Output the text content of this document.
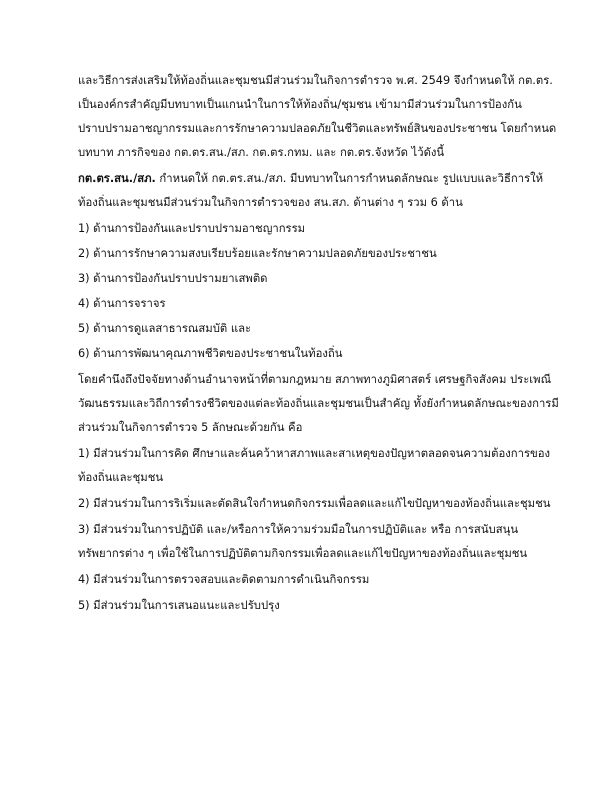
และวิธีการส่งเสริมให้ท้องถิ่นและชุมชนมีส่วนร่วมในกิจการตำรวจ พ.ศ. 2549 จึงกำหนดให้ กต.ตร.
เป็นองค์กรสำคัญมีบทบาทเป็นแกนนำในการให้ท้องถิ่น/ชุมชน เข้ามามีส่วนร่วมในการป้องกัน
ปราบปรามอาชญากรรมและการรักษาความปลอดภัยในชีวิตและทรัพย์สินของประชาชน โดยกำหนด
บทบาท ภารกิจของ กต.ตร.สน./สภ. กต.ตร.กทม. และ กต.ตร.จังหวัด ไว้ดังนี้
กต.ตร.สน./สภ. กำหนดให้ กต.ตร.สน./สภ. มีบทบาทในการกำหนดลักษณะ รูปแบบและวิธีการให้
ท้องถิ่นและชุมชนมีส่วนร่วมในกิจการตำรวจของ สน.สภ. ด้านต่าง ๆ รวม 6 ด้าน
1) ด้านการป้องกันและปราบปรามอาชญากรรม
2) ด้านการรักษาความสงบเรียบร้อยและรักษาความปลอดภัยของประชาชน
3) ด้านการป้องกันปราบปรามยาเสพติด
4) ด้านการจราจร
5) ด้านการดูแลสาธารณสมบัติ และ
6) ด้านการพัฒนาคุณภาพชีวิตของประชาชนในท้องถิ่น
โดยคำนึงถึงปัจจัยทางด้านอำนาจหน้าที่ตามกฎหมาย สภาพทางภูมิศาสตร์ เศรษฐกิจสังคม ประเพณี
วัฒนธรรมและวิถีการดำรงชีวิตของแต่ละท้องถิ่นและชุมชนเป็นสำคัญ ทั้งยังกำหนดลักษณะของการมี
ส่วนร่วมในกิจการตำรวจ 5 ลักษณะด้วยกัน คือ
1) มีส่วนร่วมในการคิด ศึกษาและค้นคว้าหาสภาพและสาเหตุของปัญหาตลอดจนความต้องการของ
ท้องถิ่นและชุมชน
2) มีส่วนร่วมในการริเริ่มและตัดสินใจกำหนดกิจกรรมเพื่อลดและแก้ไขปัญหาของท้องถิ่นและชุมชน
3) มีส่วนร่วมในการปฏิบัติ และ/หรือการให้ความร่วมมือในการปฏิบัติและ หรือ การสนับสนุน
ทรัพยากรต่าง ๆ เพื่อใช้ในการปฏิบัติตามกิจกรรมเพื่อลดและแก้ไขปัญหาของท้องถิ่นและชุมชน
4) มีส่วนร่วมในการตรวจสอบและติดตามการดำเนินกิจกรรม
5) มีส่วนร่วมในการเสนอแนะและปรับปรุง
